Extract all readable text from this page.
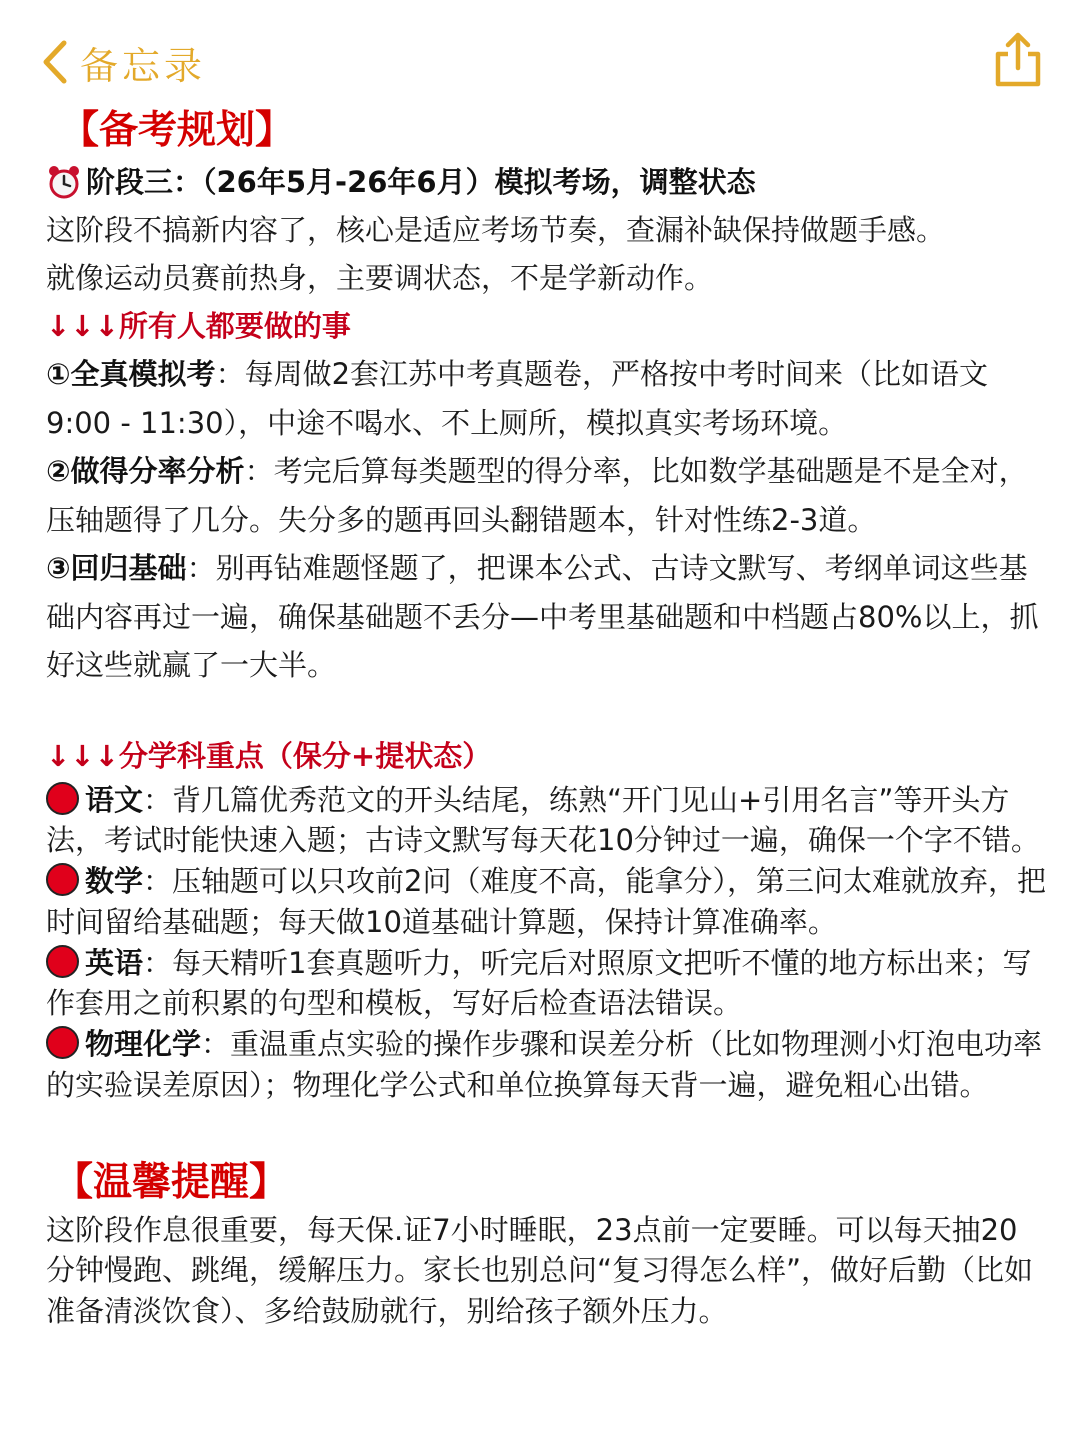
备忘录
【备考规划】
阶段三：（26年5月-26年6月）模拟考场，调整状态

这阶段不搞新内容了，核心是适应考场节奏，查漏补缺保持做题手感。

就像运动员赛前热身，主要调状态，不是学新动作。

↓↓↓所有人都要做的事

①全真模拟考：每周做2套江苏中考真题卷，严格按中考时间来（比如语文9:00 - 11:30），中途不喝水、不上厕所，模拟真实考场环境。

②做得分率分析：考完后算每类题型的得分率，比如数学基础题是不是全对，压轴题得了几分。失分多的题再回头翻错题本，针对性练2-3道。

③回归基础：别再钻难题怪题了，把课本公式、古诗文默写、考纲单词这些基础内容再过一遍，确保基础题不丢分—中考里基础题和中档题占80%以上，抓好这些就赢了一大半。

↓↓↓分学科重点（保分+提状态）

语文：背几篇优秀范文的开头结尾，练熟“开门见山+引用名言”等开头方法，考试时能快速入题；古诗文默写每天花10分钟过一遍，确保一个字不错。

数学：压轴题可以只攻前2问（难度不高，能拿分），第三问太难就放弃，把时间留给基础题；每天做10道基础计算题，保持计算准确率。

英语：每天精听1套真题听力，听完后对照原文把听不懂的地方标出来；写作套用之前积累的句型和模板，写好后检查语法错误。

物理化学：重温重点实验的操作步骤和误差分析（比如物理测小灯泡电功率的实验误差原因）；物理化学公式和单位换算每天背一遍，避免粗心出错。

【温馨提醒】

这阶段作息很重要，每天保.证7小时睡眠，23点前一定要睡。可以每天抽20分钟慢跑、跳绳，缓解压力。家长也别总问“复习得怎么样”，做好后勤（比如准备清淡饮食）、多给鼓励就行，别给孩子额外压力。
